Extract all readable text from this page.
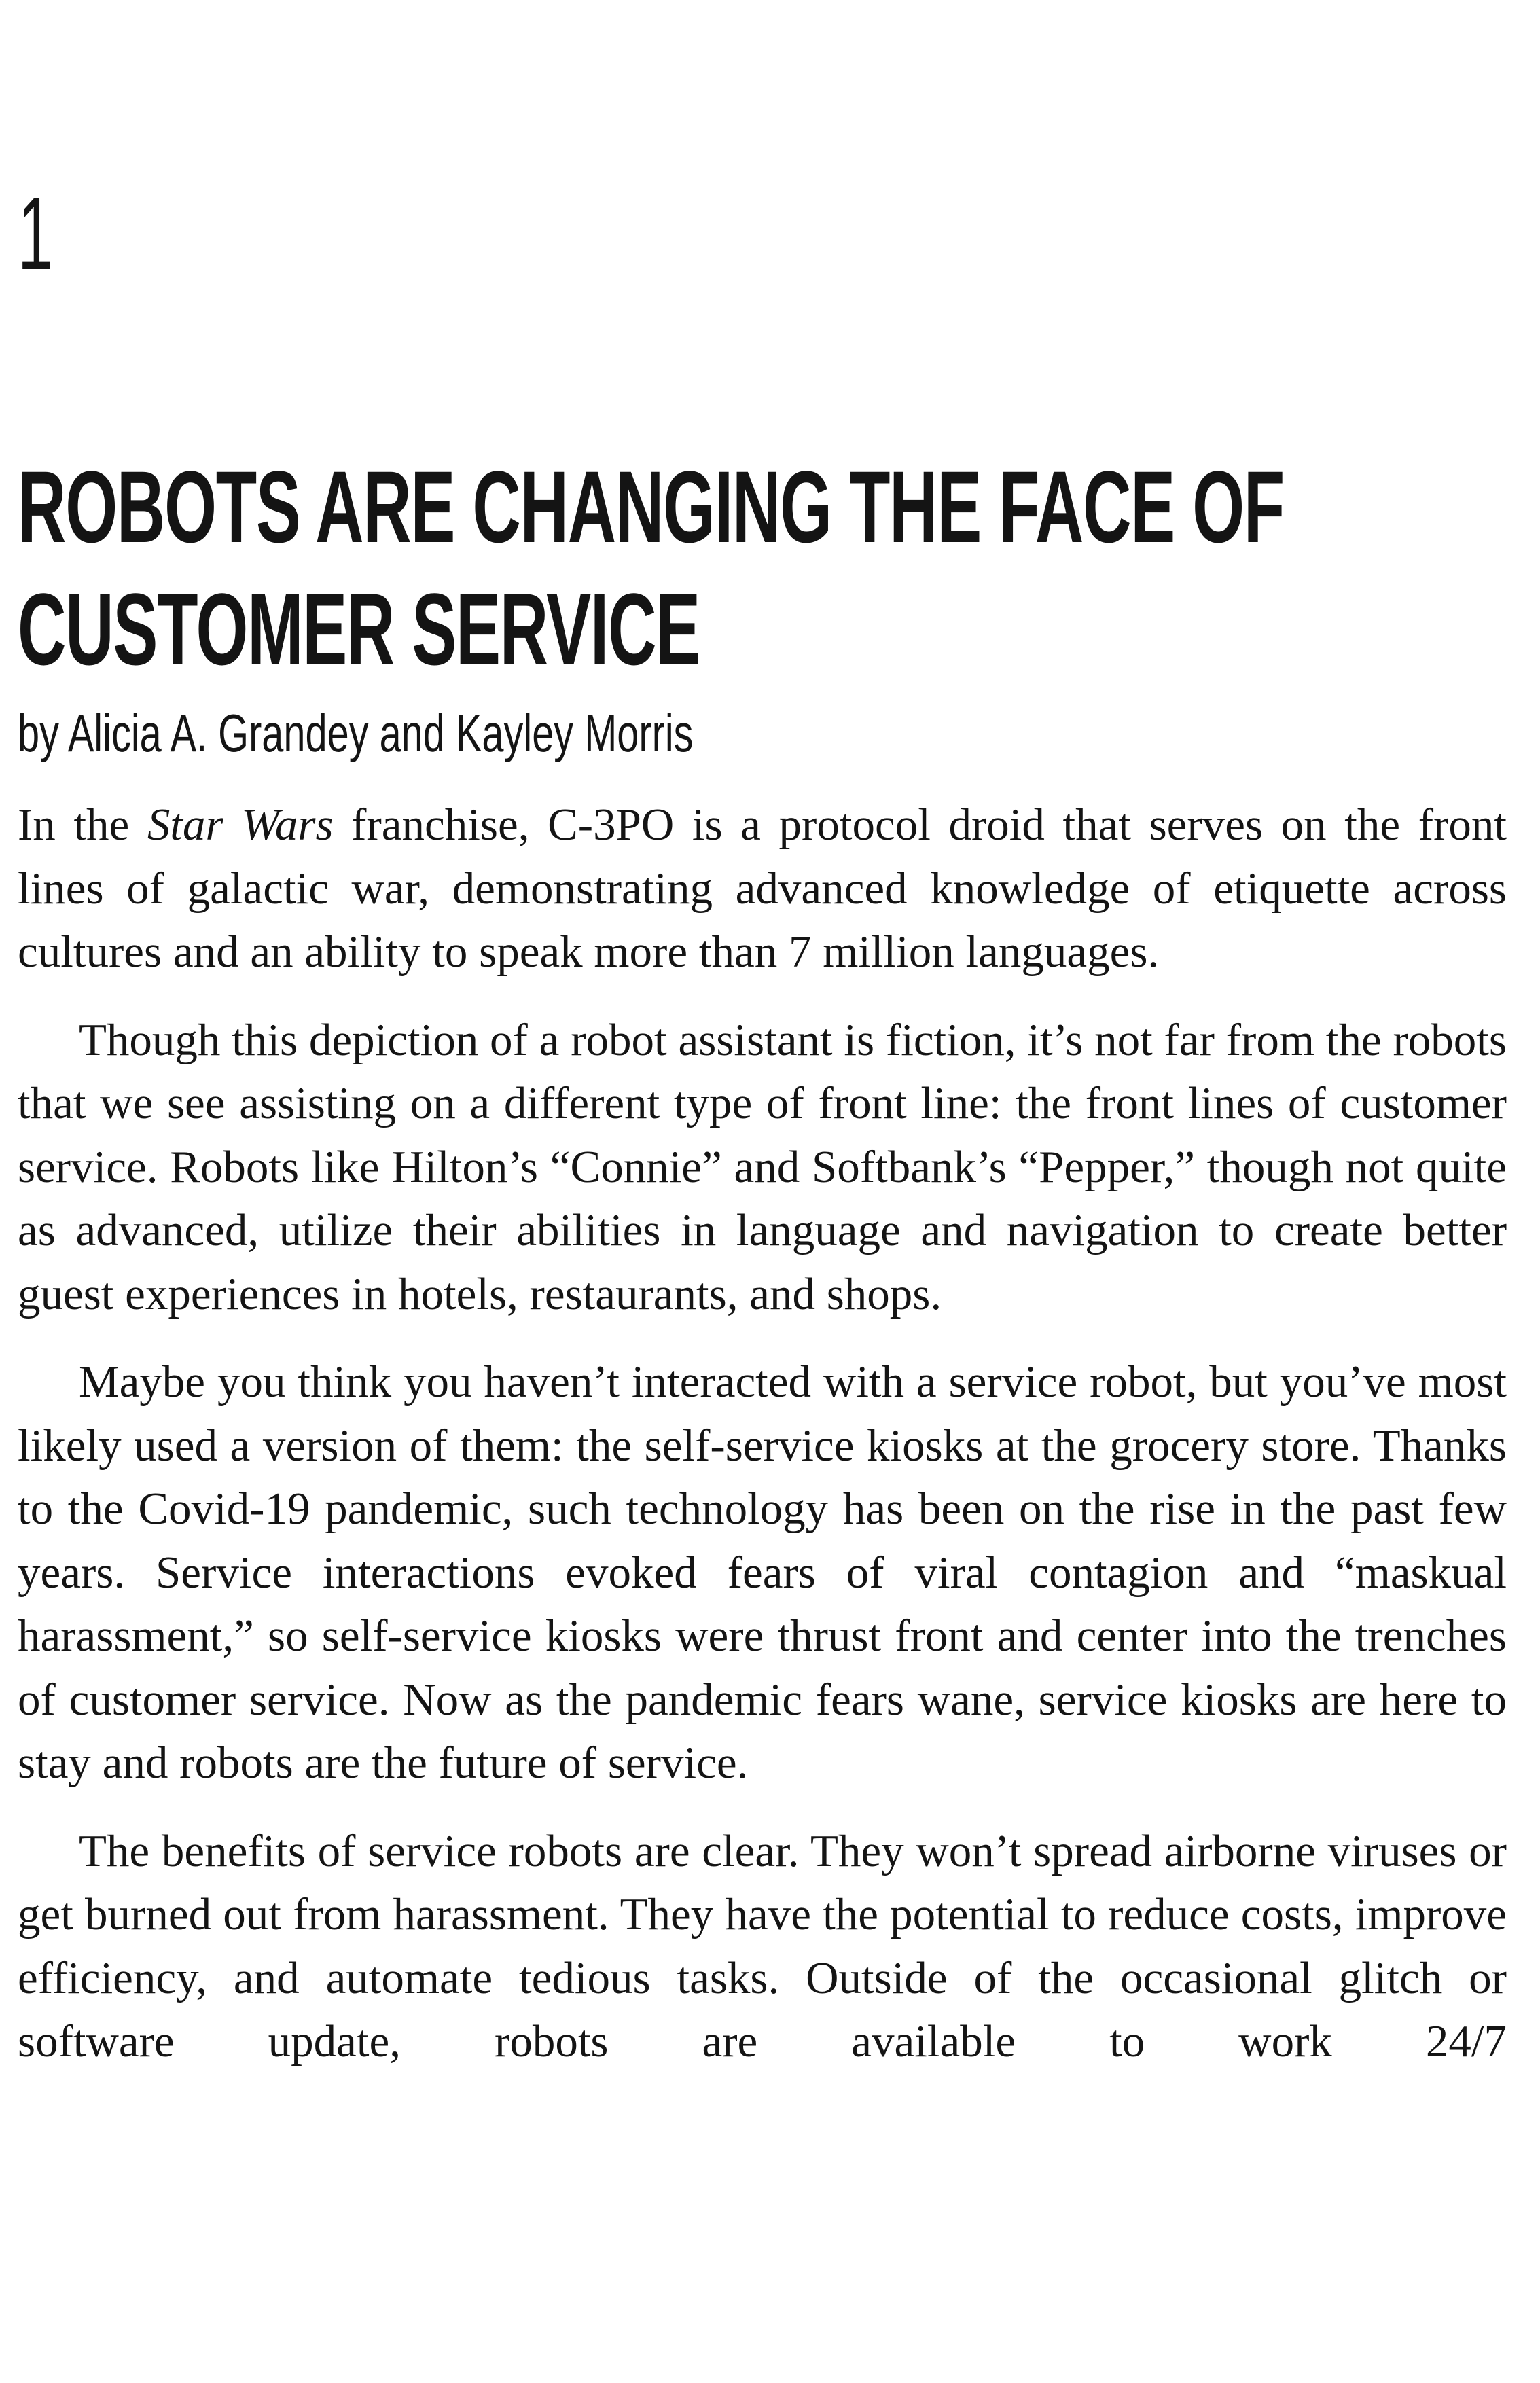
1
ROBOTS ARE CHANGING THE FACE OF
CUSTOMER SERVICE
by Alicia A. Grandey and Kayley Morris

In the Star Wars franchise, C-3PO is a protocol droid that serves on the front lines of galactic war, demonstrating advanced knowledge of etiquette across cultures and an ability to speak more than 7 million languages.

Though this depiction of a robot assistant is fiction, it’s not far from the robots that we see assisting on a different type of front line: the front lines of customer service. Robots like Hilton’s “Connie” and Softbank’s “Pepper,” though not quite as advanced, utilize their abilities in language and navigation to create better guest experiences in hotels, restaurants, and shops.

Maybe you think you haven’t interacted with a service robot, but you’ve most likely used a version of them: the self-service kiosks at the grocery store. Thanks to the Covid-19 pandemic, such technology has been on the rise in the past few years. Service interactions evoked fears of viral contagion and “maskual harassment,” so self-service kiosks were thrust front and center into the trenches of customer service. Now as the pandemic fears wane, service kiosks are here to stay and robots are the future of service.

The benefits of service robots are clear. They won’t spread airborne viruses or get burned out from harassment. They have the potential to reduce costs, improve efficiency, and automate tedious tasks. Outside of the occasional glitch or software update, robots are available to work 24/7
